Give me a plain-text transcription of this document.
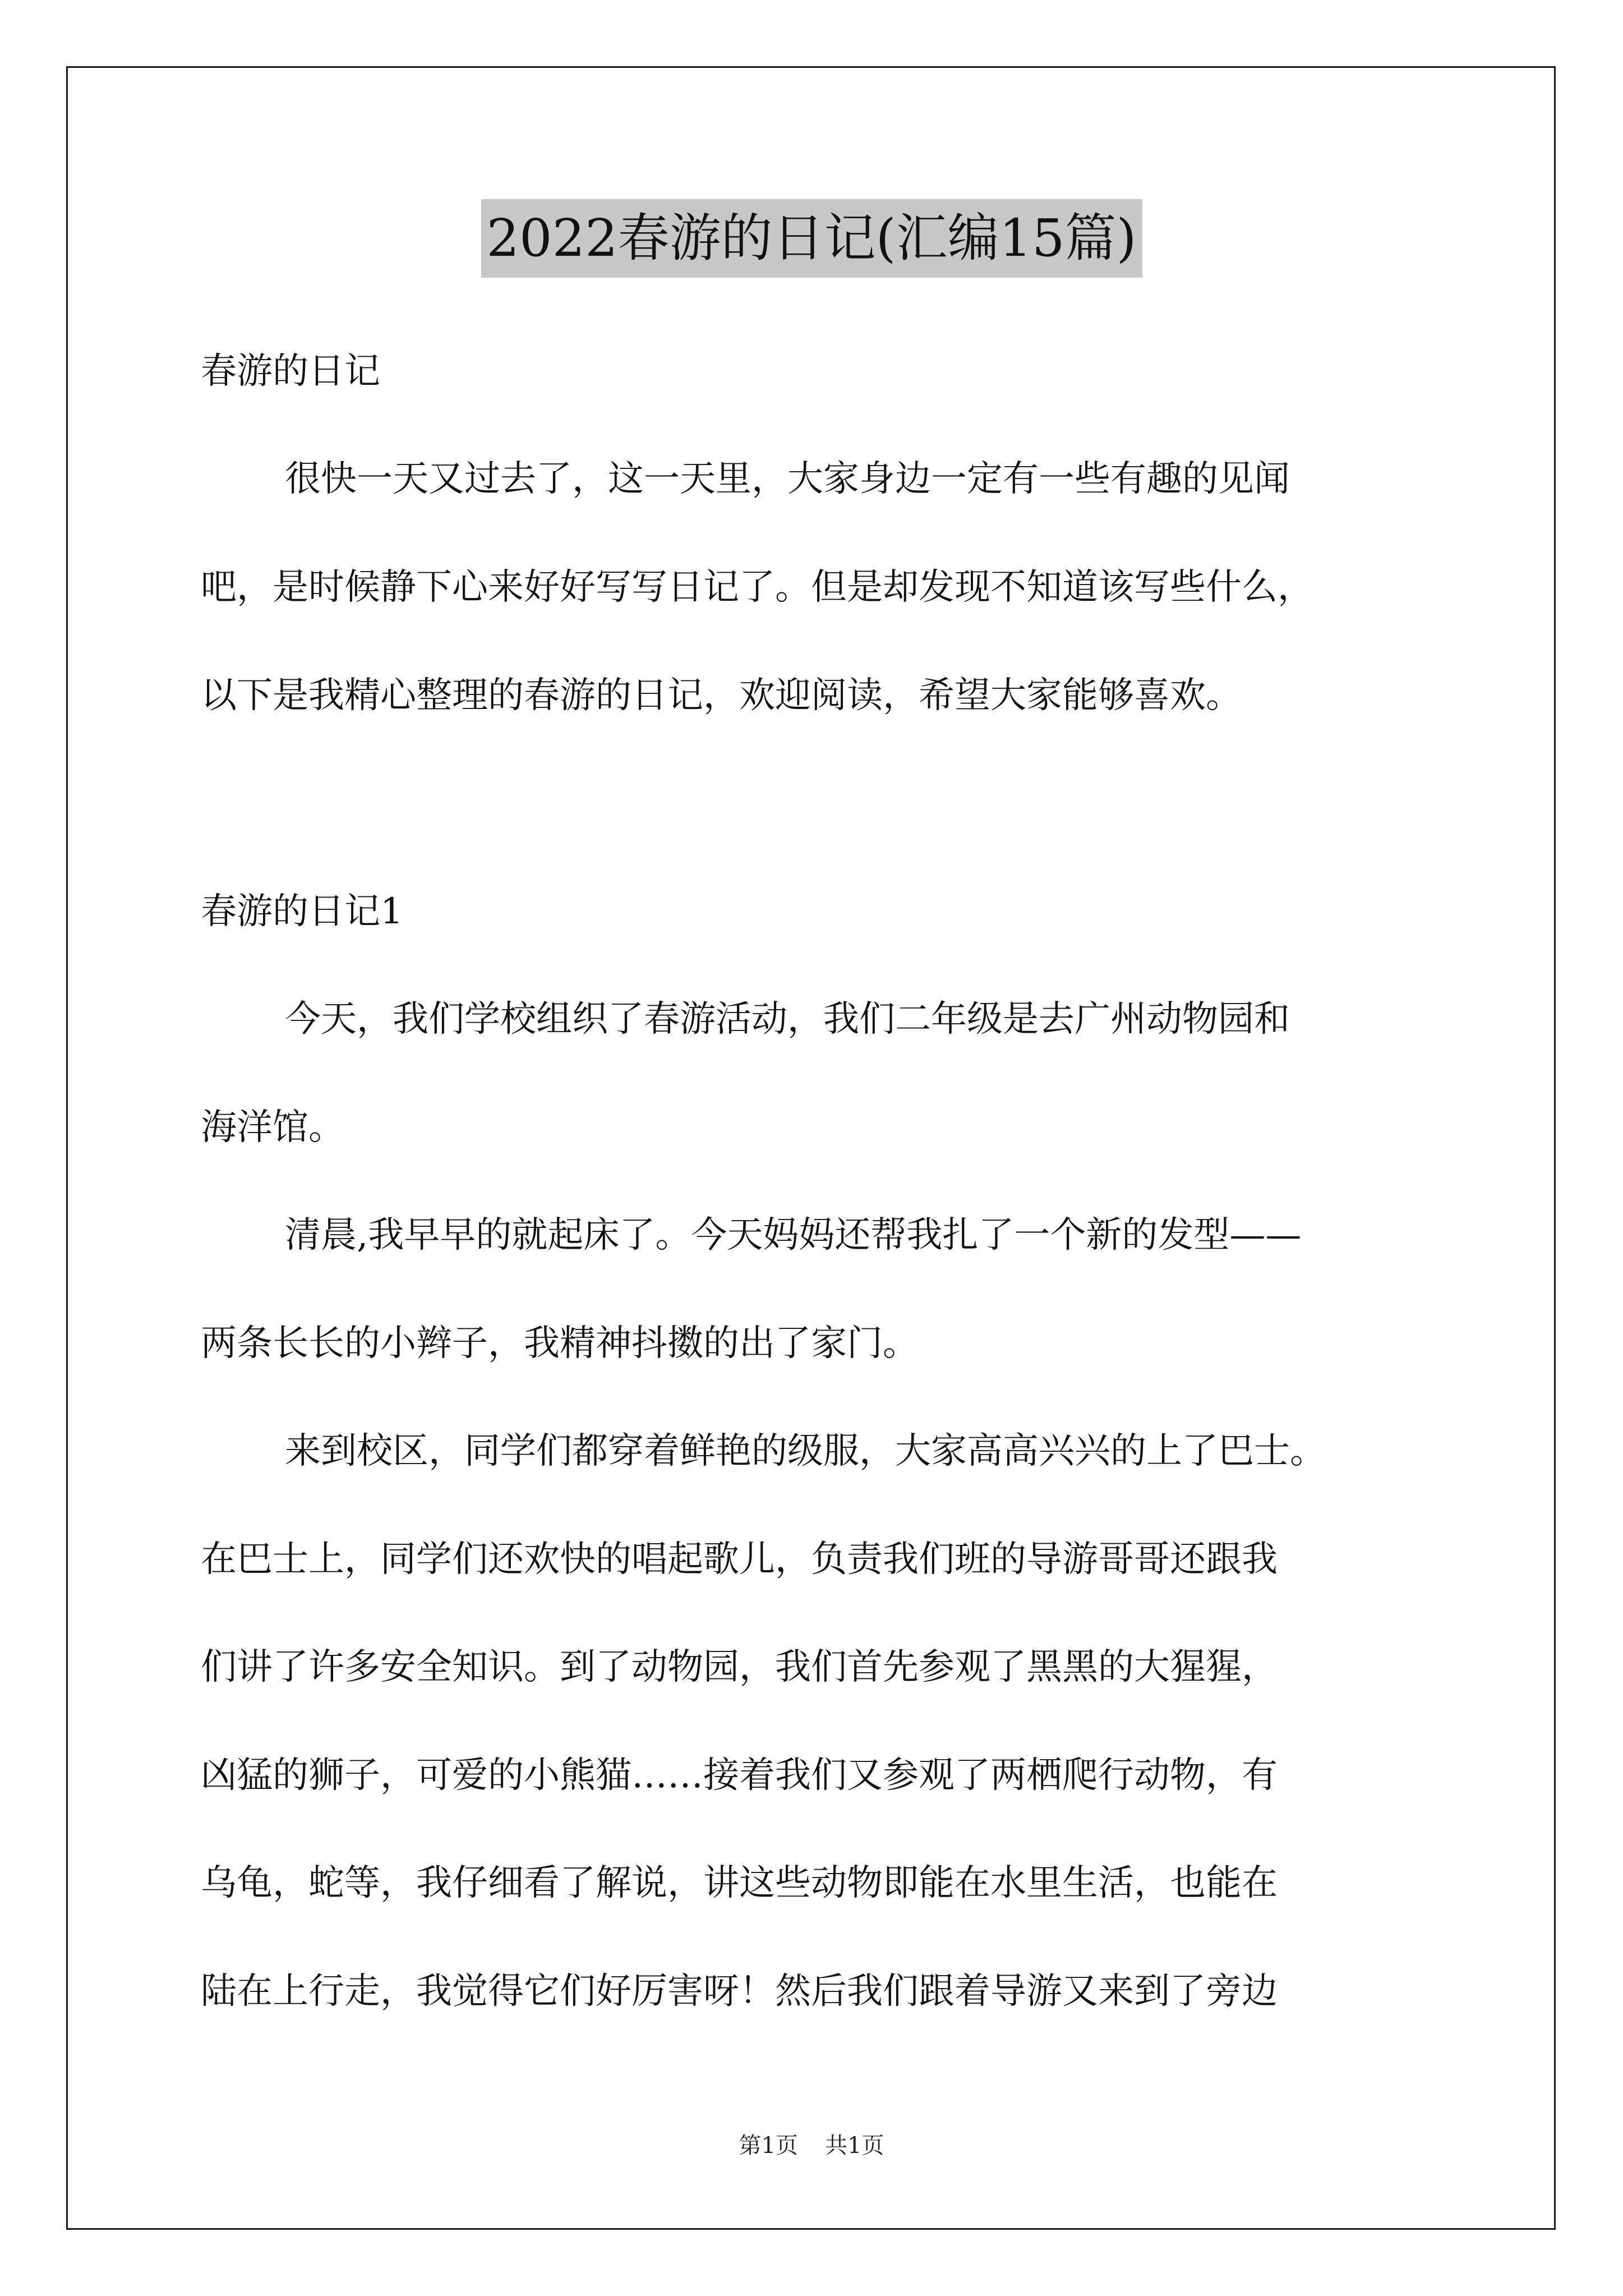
2022春游的日记(汇编15篇)
春游的日记
很快一天又过去了，这一天里，大家身边一定有一些有趣的见闻
吧，是时候静下心来好好写写日记了。但是却发现不知道该写些什么，
以下是我精心整理的春游的日记，欢迎阅读，希望大家能够喜欢。
春游的日记1
今天，我们学校组织了春游活动，我们二年级是去广州动物园和
海洋馆。
清晨,我早早的就起床了。今天妈妈还帮我扎了一个新的发型——
两条长长的小辫子，我精神抖擞的出了家门。
来到校区，同学们都穿着鲜艳的级服，大家高高兴兴的上了巴士。
在巴士上，同学们还欢快的唱起歌儿，负责我们班的导游哥哥还跟我
们讲了许多安全知识。到了动物园，我们首先参观了黑黑的大猩猩，
凶猛的狮子，可爱的小熊猫……接着我们又参观了两栖爬行动物，有
乌龟，蛇等，我仔细看了解说，讲这些动物即能在水里生活，也能在
陆在上行走，我觉得它们好厉害呀！然后我们跟着导游又来到了旁边
第1页 共1页
